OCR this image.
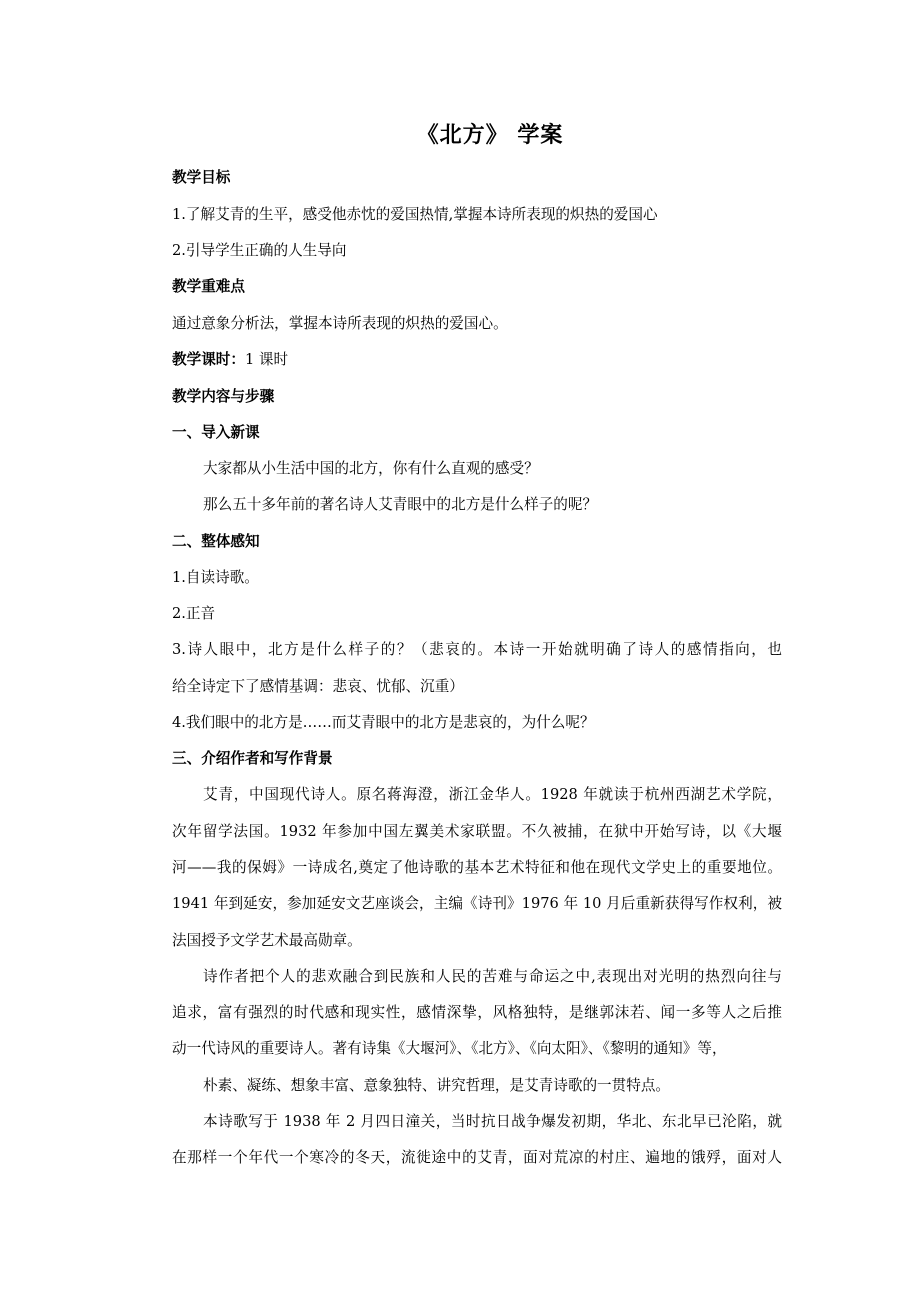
《北方》 学案
教学目标
1.了解艾青的生平，感受他赤忱的爱国热情,掌握本诗所表现的炽热的爱国心
2.引导学生正确的人生导向
教学重难点
通过意象分析法，掌握本诗所表现的炽热的爱国心。
教学课时：1 课时
教学内容与步骤
一、导入新课
大家都从小生活中国的北方，你有什么直观的感受？
那么五十多年前的著名诗人艾青眼中的北方是什么样子的呢？
二、整体感知
1.自读诗歌。
2.正音
3.诗人眼中，北方是什么样子的？（悲哀的。本诗一开始就明确了诗人的感情指向，也
给全诗定下了感情基调：悲哀、忧郁、沉重）
4.我们眼中的北方是……而艾青眼中的北方是悲哀的，为什么呢？
三、介绍作者和写作背景
艾青，中国现代诗人。原名蒋海澄，浙江金华人。1928 年就读于杭州西湖艺术学院，
次年留学法国。1932 年参加中国左翼美术家联盟。不久被捕，在狱中开始写诗，以《大堰
河——我的保姆》一诗成名,奠定了他诗歌的基本艺术特征和他在现代文学史上的重要地位。
1941 年到延安，参加延安文艺座谈会，主编《诗刊》1976 年 10 月后重新获得写作权利，被
法国授予文学艺术最高勋章。
诗作者把个人的悲欢融合到民族和人民的苦难与命运之中,表现出对光明的热烈向往与
追求，富有强烈的时代感和现实性，感情深挚，风格独特，是继郭沫若、闻一多等人之后推
动一代诗风的重要诗人。著有诗集《大堰河》、《北方》、《向太阳》、《黎明的通知》等，
朴素、凝练、想象丰富、意象独特、讲究哲理，是艾青诗歌的一贯特点。
本诗歌写于 1938 年 2 月四日潼关，当时抗日战争爆发初期，华北、东北早已沦陷，就
在那样一个年代一个寒冷的冬天，流徙途中的艾青，面对荒凉的村庄、遍地的饿殍，面对人
